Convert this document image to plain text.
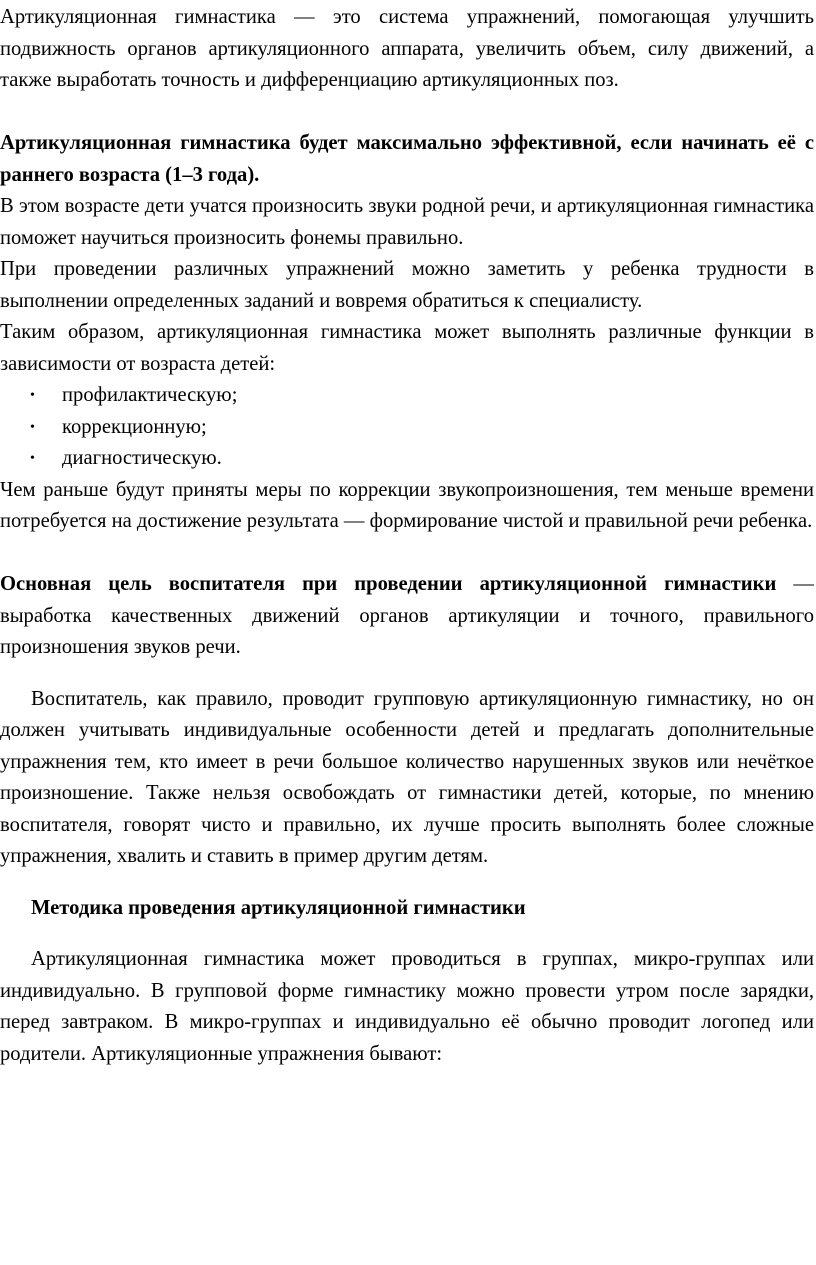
Артикуляционная гимнастика — это система упражнений, помогающая улучшить подвижность органов артикуляционного аппарата, увеличить объем, силу движений, а также выработать точность и дифференциацию артикуляционных поз.

Артикуляционная гимнастика будет максимально эффективной, если начинать её с раннего возраста (1–3 года).

В этом возрасте дети учатся произносить звуки родной речи, и артикуляционная гимнастика поможет научиться произносить фонемы правильно.

При проведении различных упражнений можно заметить у ребенка трудности в выполнении определенных заданий и вовремя обратиться к специалисту.

Таким образом, артикуляционная гимнастика может выполнять различные функции в зависимости от возраста детей:

• профилактическую;
• коррекционную;
• диагностическую.

Чем раньше будут приняты меры по коррекции звукопроизношения, тем меньше времени потребуется на достижение результата — формирование чистой и правильной речи ребенка.

Основная цель воспитателя при проведении артикуляционной гимнастики — выработка качественных движений органов артикуляции и точного, правильного произношения звуков речи.

Воспитатель, как правило, проводит групповую артикуляционную гимнастику, но он должен учитывать индивидуальные особенности детей и предлагать дополнительные упражнения тем, кто имеет в речи большое количество нарушенных звуков или нечёткое произношение. Также нельзя освобождать от гимнастики детей, которые, по мнению воспитателя, говорят чисто и правильно, их лучше просить выполнять более сложные упражнения, хвалить и ставить в пример другим детям.

Методика проведения артикуляционной гимнастики

Артикуляционная гимнастика может проводиться в группах, микро-группах или индивидуально. В групповой форме гимнастику можно провести утром после зарядки, перед завтраком. В микро-группах и индивидуально её обычно проводит логопед или родители. Артикуляционные упражнения бывают:
